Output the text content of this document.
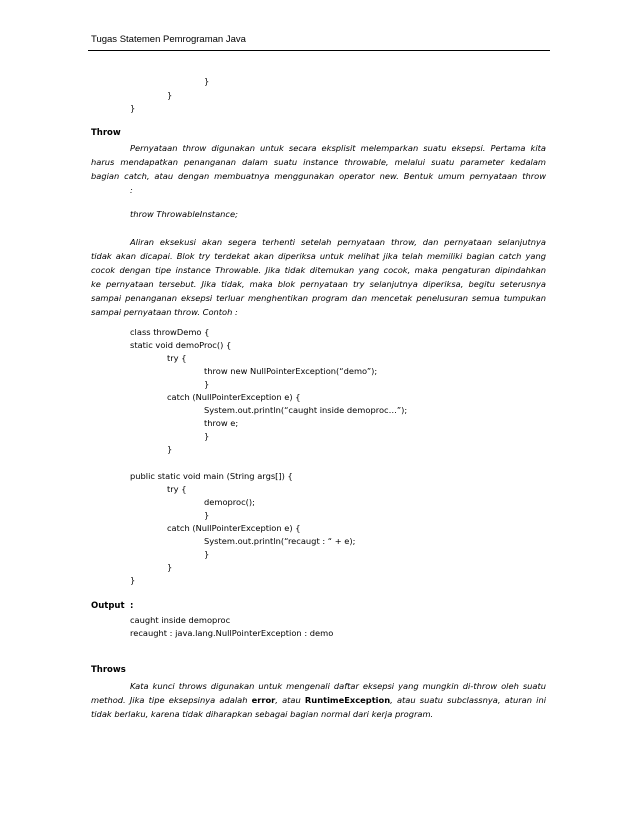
Tugas Statemen Pemrograman Java
}
}
}
Throw
Pernyataan throw digunakan untuk secara eksplisit melemparkan suatu eksepsi. Pertama kita
harus mendapatkan penanganan dalam suatu instance throwable, melalui suatu parameter kedalam
bagian catch, atau dengan membuatnya menggunakan operator new. Bentuk umum pernyataan throw
:
throw ThrowableInstance;
Aliran eksekusi akan segera terhenti setelah pernyataan throw, dan pernyataan selanjutnya
tidak akan dicapai. Blok try terdekat akan diperiksa untuk melihat jika telah memiliki bagian catch yang
cocok dengan tipe instance Throwable. Jika tidak ditemukan yang cocok, maka pengaturan dipindahkan
ke pernyataan tersebut. Jika tidak, maka blok pernyataan try selanjutnya diperiksa, begitu seterusnya
sampai penanganan eksepsi terluar menghentikan program dan mencetak penelusuran semua tumpukan
sampai pernyataan throw. Contoh :
class throwDemo {
static void demoProc() {
try {
throw new NullPointerException(“demo”);
}
catch (NullPointerException e) {
System.out.println(“caught inside demoproc…”);
throw e;
}
}
public static void main (String args[]) {
try {
demoproc();
}
catch (NullPointerException e) {
System.out.println(“recaugt : “ + e);
}
}
}
Output :
caught inside demoproc
recaught : java.lang.NullPointerException : demo
Throws
Kata kunci throws digunakan untuk mengenali daftar eksepsi yang mungkin di-throw oleh suatu
method. Jika tipe eksepsinya adalah error, atau RuntimeException, atau suatu subclassnya, aturan ini
tidak berlaku, karena tidak diharapkan sebagai bagian normal dari kerja program.
